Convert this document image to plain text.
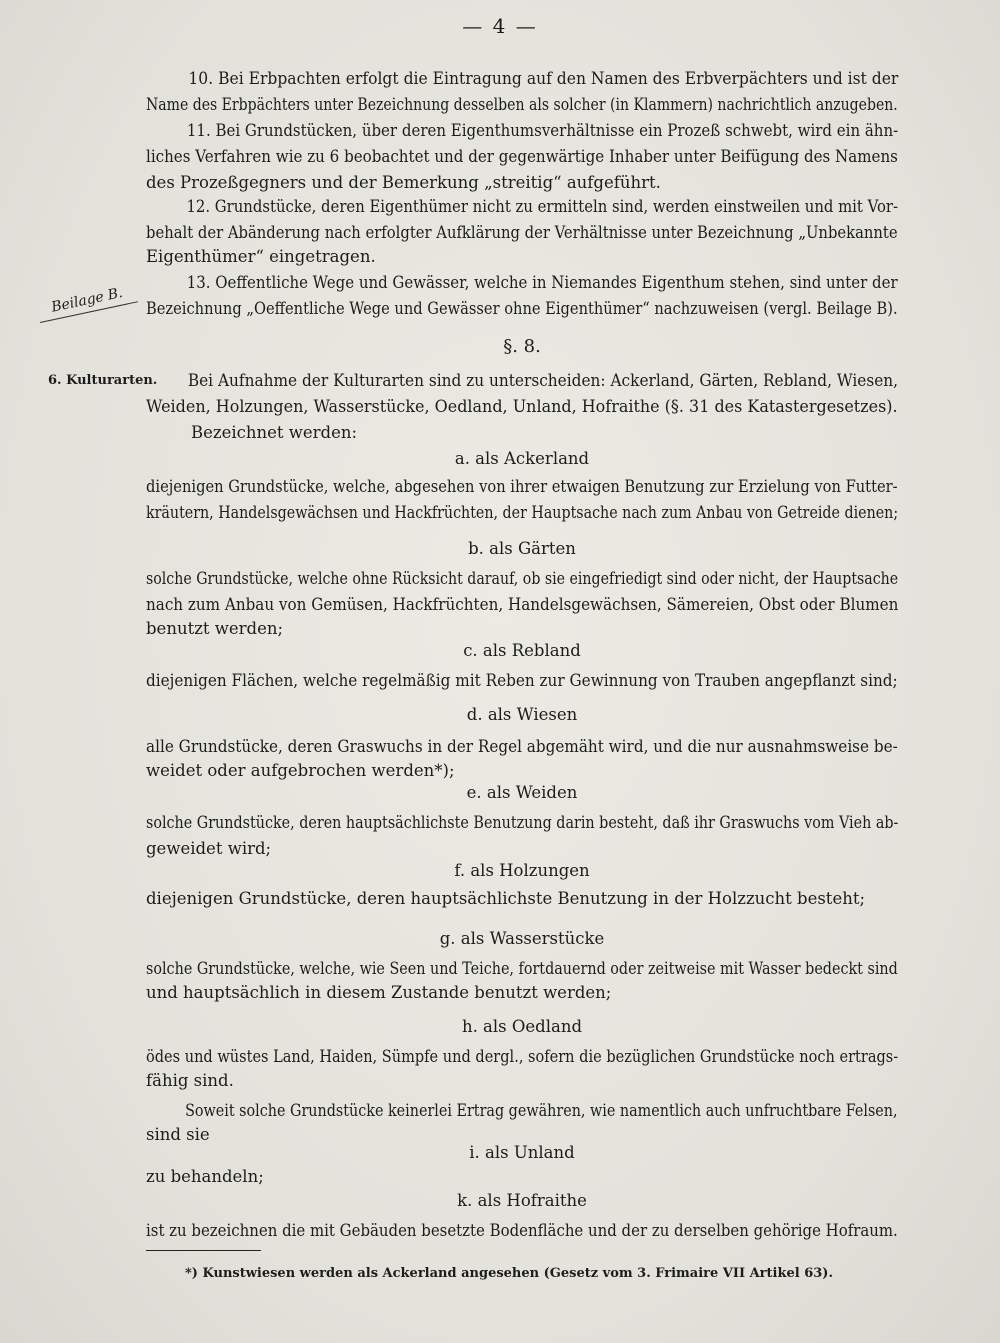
— 4 —
Beilage B.
6. Kulturarten.
10. Bei Erbpachten erfolgt die Eintragung auf den Namen des Erbverpächters und ist der
Name des Erbpächters unter Bezeichnung desselben als solcher (in Klammern) nachrichtlich anzugeben.
11. Bei Grundstücken, über deren Eigenthumsverhältnisse ein Prozeß schwebt, wird ein ähn-
liches Verfahren wie zu 6 beobachtet und der gegenwärtige Inhaber unter Beifügung des Namens
des Prozeßgegners und der Bemerkung „streitig“ aufgeführt.
12. Grundstücke, deren Eigenthümer nicht zu ermitteln sind, werden einstweilen und mit Vor-
behalt der Abänderung nach erfolgter Aufklärung der Verhältnisse unter Bezeichnung „Unbekannte
Eigenthümer“ eingetragen.
13. Oeffentliche Wege und Gewässer, welche in Niemandes Eigenthum stehen, sind unter der
Bezeichnung „Oeffentliche Wege und Gewässer ohne Eigenthümer“ nachzuweisen (vergl. Beilage B).
§. 8.
Bei Aufnahme der Kulturarten sind zu unterscheiden: Ackerland, Gärten, Rebland, Wiesen,
Weiden, Holzungen, Wasserstücke, Oedland, Unland, Hofraithe (§. 31 des Katastergesetzes).
Bezeichnet werden:
a. als Ackerland
diejenigen Grundstücke, welche, abgesehen von ihrer etwaigen Benutzung zur Erzielung von Futter-
kräutern, Handelsgewächsen und Hackfrüchten, der Hauptsache nach zum Anbau von Getreide dienen;
b. als Gärten
solche Grundstücke, welche ohne Rücksicht darauf, ob sie eingefriedigt sind oder nicht, der Hauptsache
nach zum Anbau von Gemüsen, Hackfrüchten, Handelsgewächsen, Sämereien, Obst oder Blumen
benutzt werden;
c. als Rebland
diejenigen Flächen, welche regelmäßig mit Reben zur Gewinnung von Trauben angepflanzt sind;
d. als Wiesen
alle Grundstücke, deren Graswuchs in der Regel abgemäht wird, und die nur ausnahmsweise be-
weidet oder aufgebrochen werden*);
e. als Weiden
solche Grundstücke, deren hauptsächlichste Benutzung darin besteht, daß ihr Graswuchs vom Vieh ab-
geweidet wird;
f. als Holzungen
diejenigen Grundstücke, deren hauptsächlichste Benutzung in der Holzzucht besteht;
g. als Wasserstücke
solche Grundstücke, welche, wie Seen und Teiche, fortdauernd oder zeitweise mit Wasser bedeckt sind
und hauptsächlich in diesem Zustande benutzt werden;
h. als Oedland
ödes und wüstes Land, Haiden, Sümpfe und dergl., sofern die bezüglichen Grundstücke noch ertrags-
fähig sind.
Soweit solche Grundstücke keinerlei Ertrag gewähren, wie namentlich auch unfruchtbare Felsen,
sind sie
i. als Unland
zu behandeln;
k. als Hofraithe
ist zu bezeichnen die mit Gebäuden besetzte Bodenfläche und der zu derselben gehörige Hofraum.
*) Kunstwiesen werden als Ackerland angesehen (Gesetz vom 3. Frimaire VII Artikel 63).
